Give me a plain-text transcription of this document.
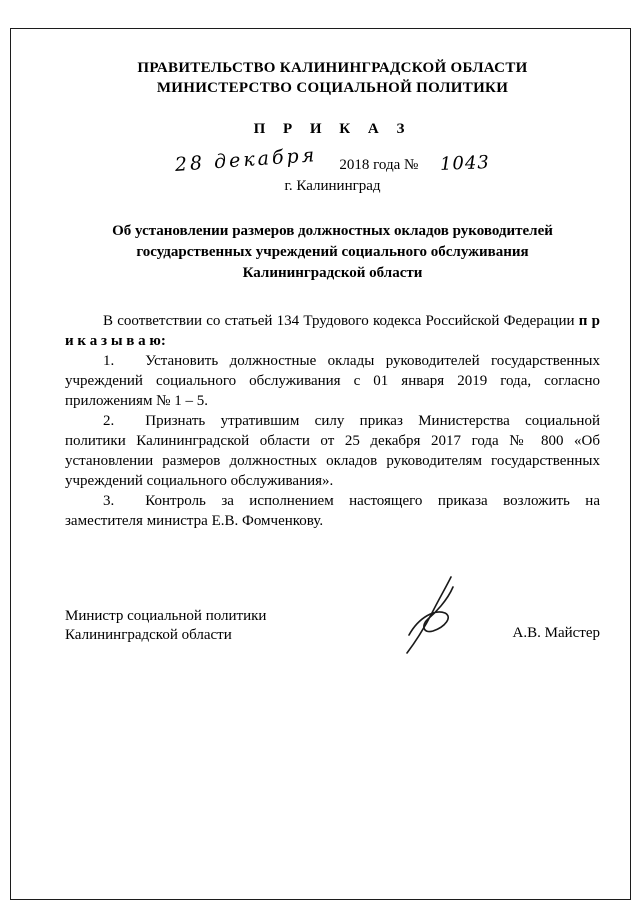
ПРАВИТЕЛЬСТВО КАЛИНИНГРАДСКОЙ ОБЛАСТИ
МИНИСТЕРСТВО СОЦИАЛЬНОЙ ПОЛИТИКИ
П Р И К А З
28 декабря 2018 года № 1043
г. Калининград
Об установлении размеров должностных окладов руководителей государственных учреждений социального обслуживания Калининградской области

В соответствии со статьей 134 Трудового кодекса Российской Федерации п р и к а з ы в а ю:

1. Установить должностные оклады руководителей государственных учреждений социального обслуживания с 01 января 2019 года, согласно приложениям № 1 – 5.

2. Признать утратившим силу приказ Министерства социальной политики Калининградской области от 25 декабря 2017 года № 800 «Об установлении размеров должностных окладов руководителям государственных учреждений социального обслуживания».

3. Контроль за исполнением настоящего приказа возложить на заместителя министра Е.В. Фомченкову.

Министр социальной политики
Калининградской области	А.В. Майстер
